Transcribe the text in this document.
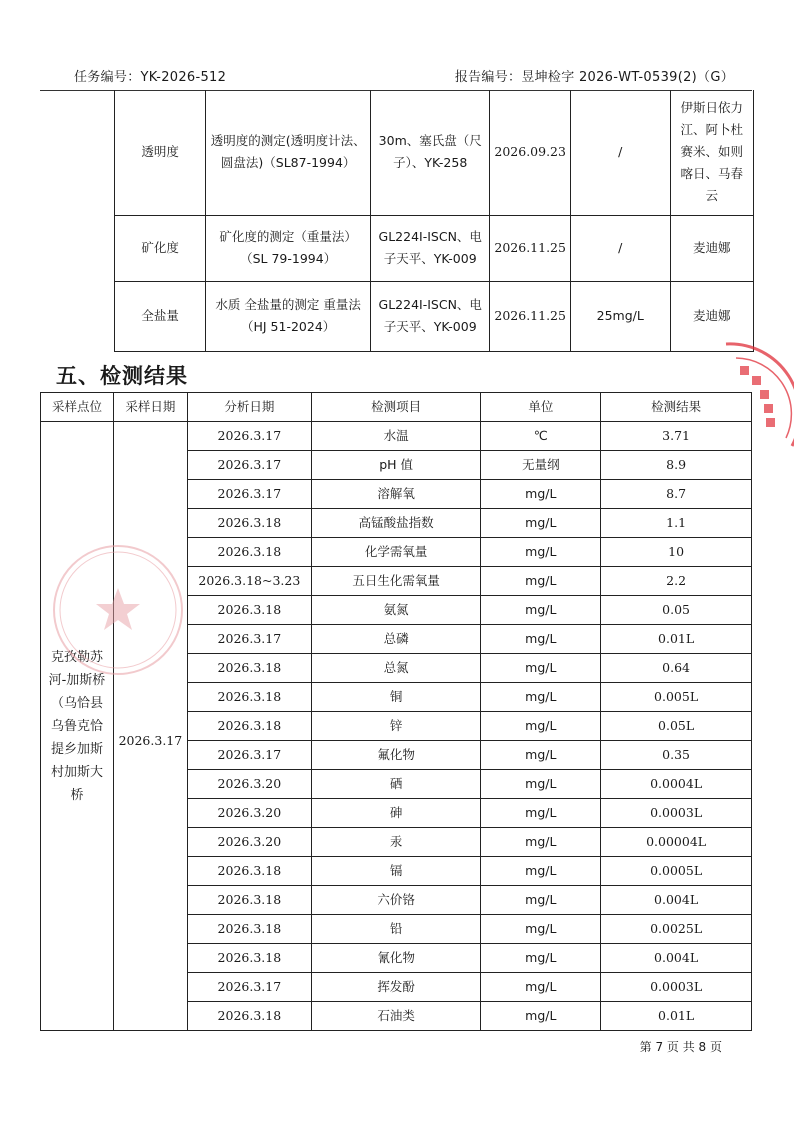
任务编号：YK-2026-512	报告编号：昱坤检字 2026-WT-0539(2)（G）
透明度	透明度的测定(透明度计法、圆盘法)（SL87-1994）	30m、塞氏盘（尺子）、YK-258	2026.09.23	/	伊斯日依力江、阿卜杜赛米、如则喀日、马春云
矿化度	矿化度的测定（重量法）（SL 79-1994）	GL224I-ISCN、电子天平、YK-009	2026.11.25	/	麦迪娜
全盐量	水质 全盐量的测定 重量法（HJ 51-2024）	GL224I-ISCN、电子天平、YK-009	2026.11.25	25mg/L	麦迪娜
五、检测结果
采样点位	采样日期	分析日期	检测项目	单位	检测结果
克孜勒苏河-加斯桥（乌恰县乌鲁克恰提乡加斯村加斯大桥	2026.3.17	2026.3.17	水温	℃	3.71
		2026.3.17	pH 值	无量纲	8.9
		2026.3.17	溶解氧	mg/L	8.7
		2026.3.18	高锰酸盐指数	mg/L	1.1
		2026.3.18	化学需氧量	mg/L	10
		2026.3.18~3.23	五日生化需氧量	mg/L	2.2
		2026.3.18	氨氮	mg/L	0.05
		2026.3.17	总磷	mg/L	0.01L
		2026.3.18	总氮	mg/L	0.64
		2026.3.18	铜	mg/L	0.005L
		2026.3.18	锌	mg/L	0.05L
		2026.3.17	氟化物	mg/L	0.35
		2026.3.20	硒	mg/L	0.0004L
		2026.3.20	砷	mg/L	0.0003L
		2026.3.20	汞	mg/L	0.00004L
		2026.3.18	镉	mg/L	0.0005L
		2026.3.18	六价铬	mg/L	0.004L
		2026.3.18	铅	mg/L	0.0025L
		2026.3.18	氰化物	mg/L	0.004L
		2026.3.17	挥发酚	mg/L	0.0003L
		2026.3.18	石油类	mg/L	0.01L
第 7 页 共 8 页
